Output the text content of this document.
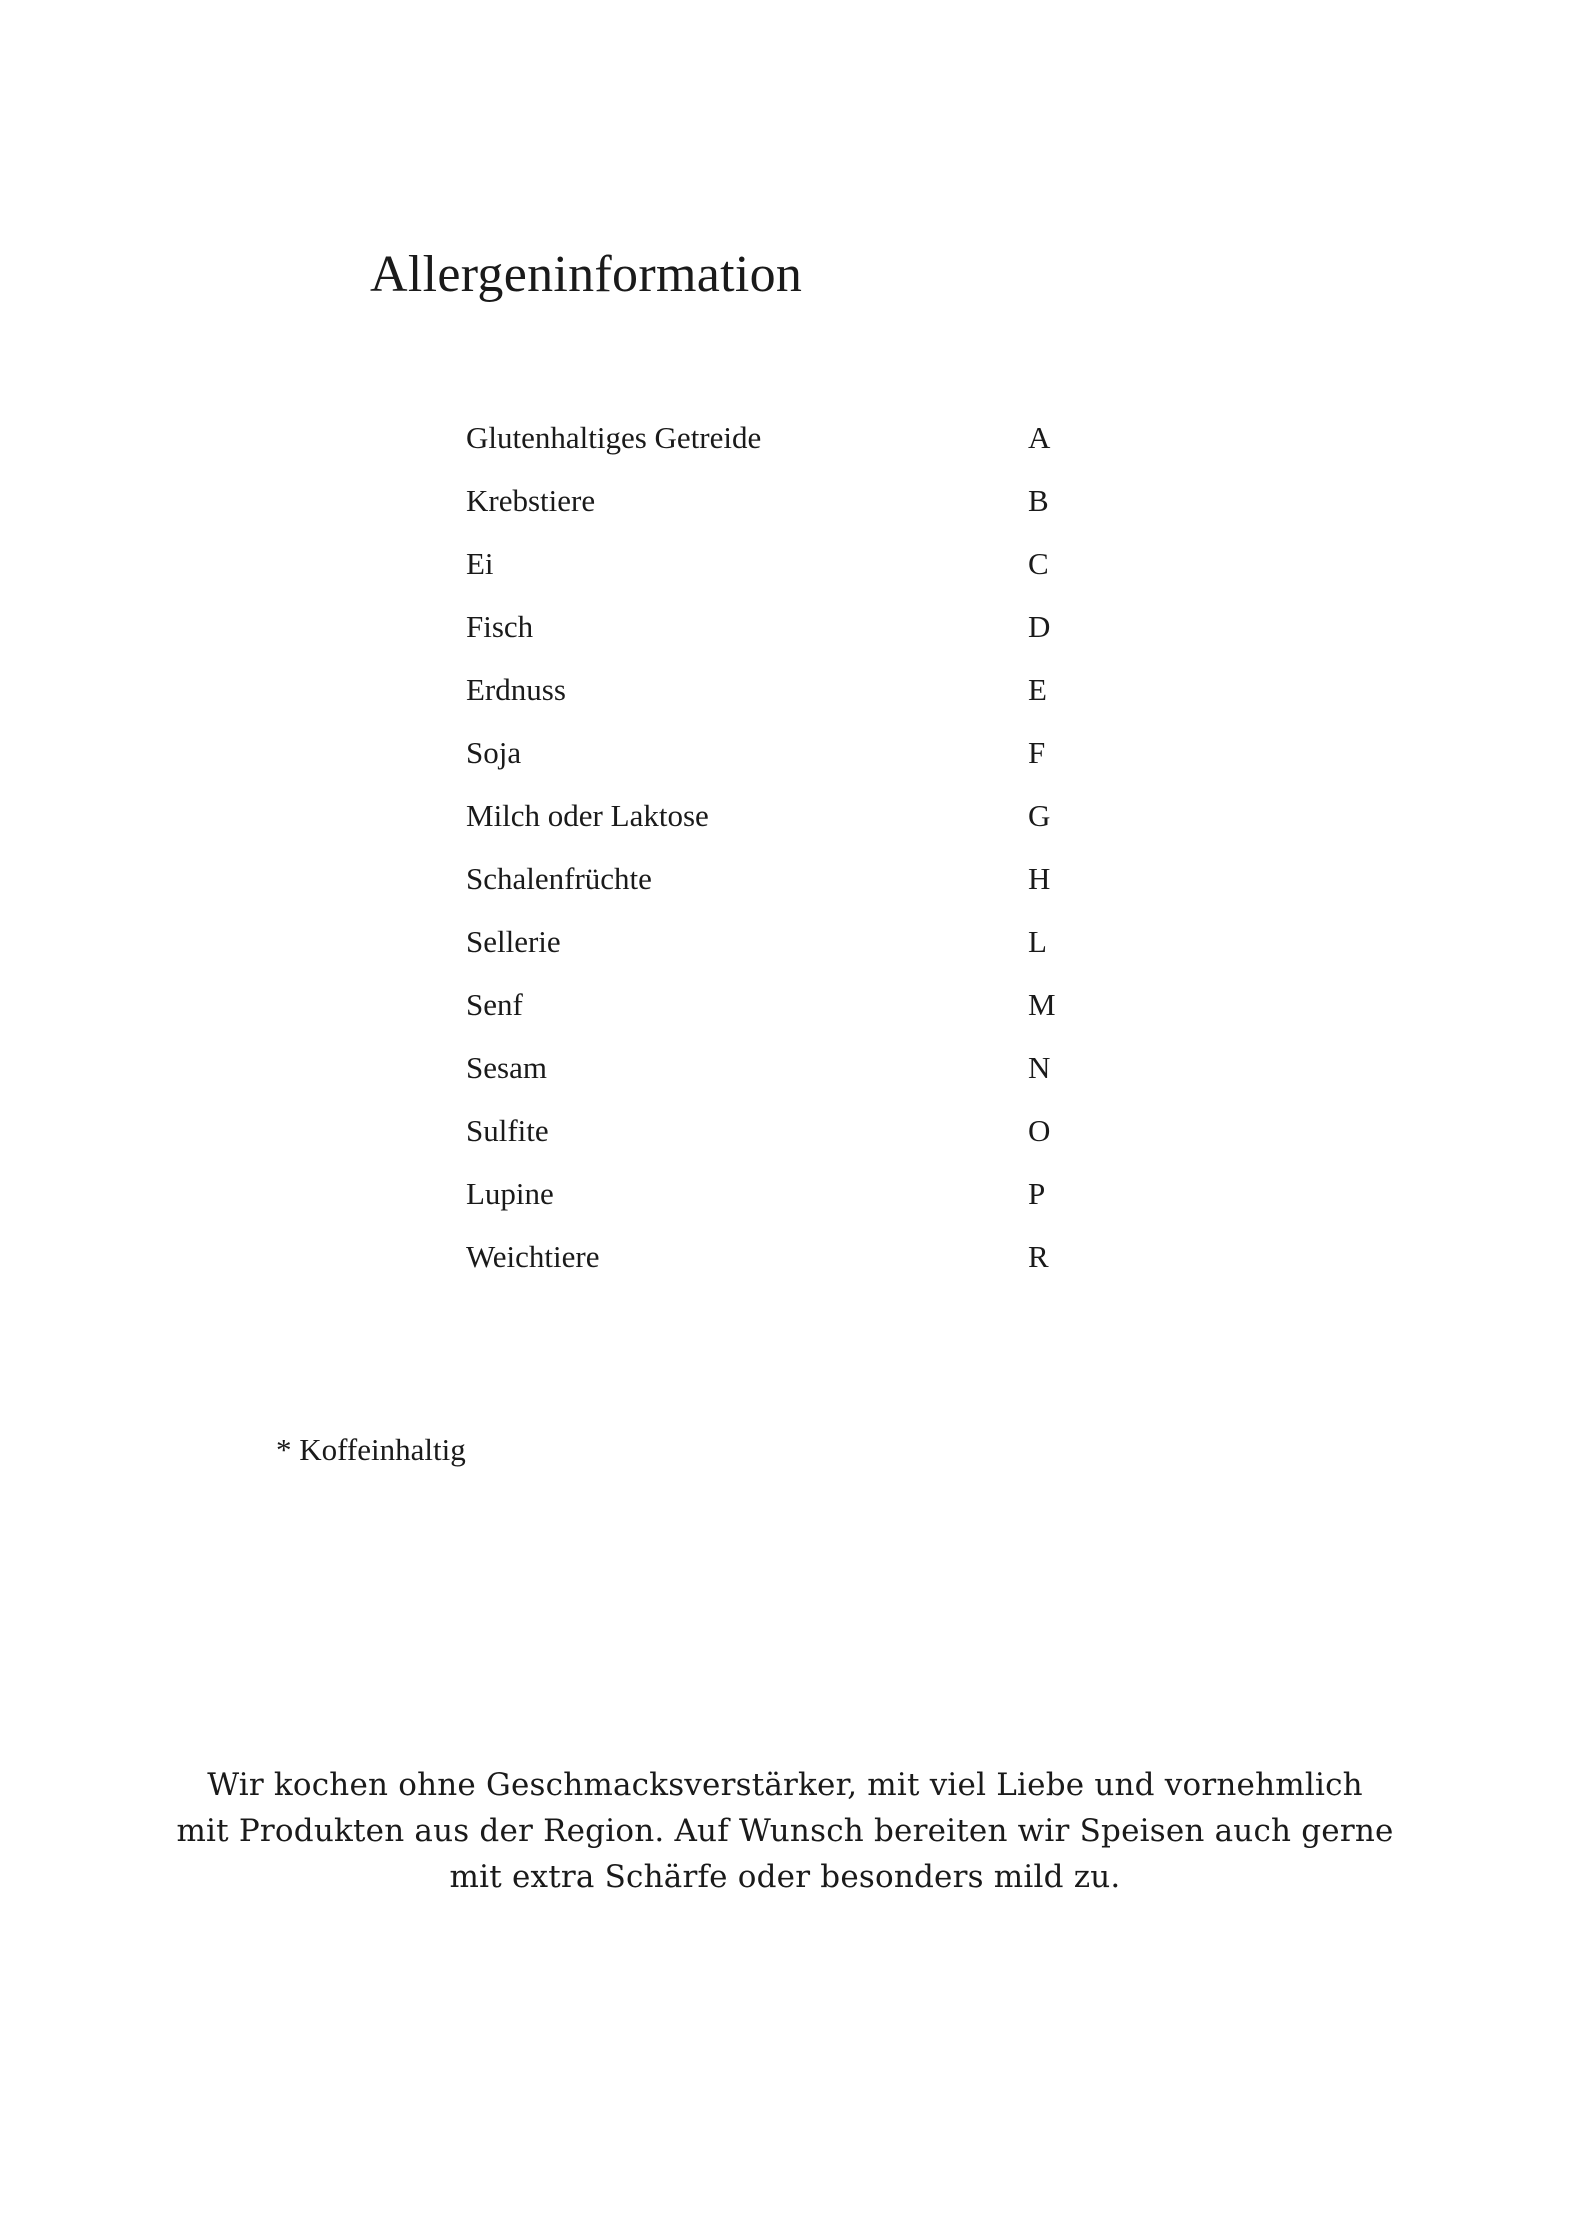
Allergeninformation
Glutenhaltiges Getreide	A
Krebstiere	B
Ei	C
Fisch	D
Erdnuss	E
Soja	F
Milch oder Laktose	G
Schalenfrüchte	H
Sellerie	L
Senf	M
Sesam	N
Sulfite	O
Lupine	P
Weichtiere	R
* Koffeinhaltig
Wir kochen ohne Geschmacksverstärker, mit viel Liebe und vornehmlich
mit Produkten aus der Region. Auf Wunsch bereiten wir Speisen auch gerne
mit extra Schärfe oder besonders mild zu.
